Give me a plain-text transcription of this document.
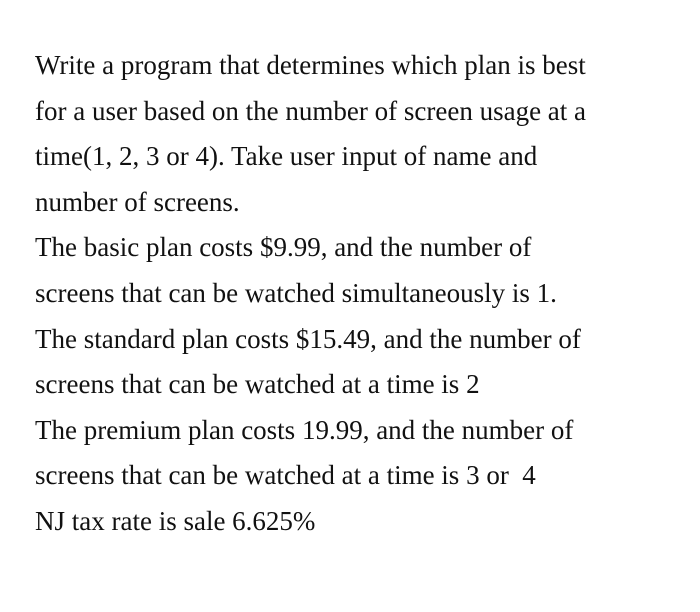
Write a program that determines which plan is best
for a user based on the number of screen usage at a
time(1, 2, 3 or 4). Take user input of name and
number of screens.
The basic plan costs $9.99, and the number of
screens that can be watched simultaneously is 1.
The standard plan costs $15.49, and the number of
screens that can be watched at a time is 2
The premium plan costs 19.99, and the number of
screens that can be watched at a time is 3 or  4
NJ tax rate is sale 6.625%
